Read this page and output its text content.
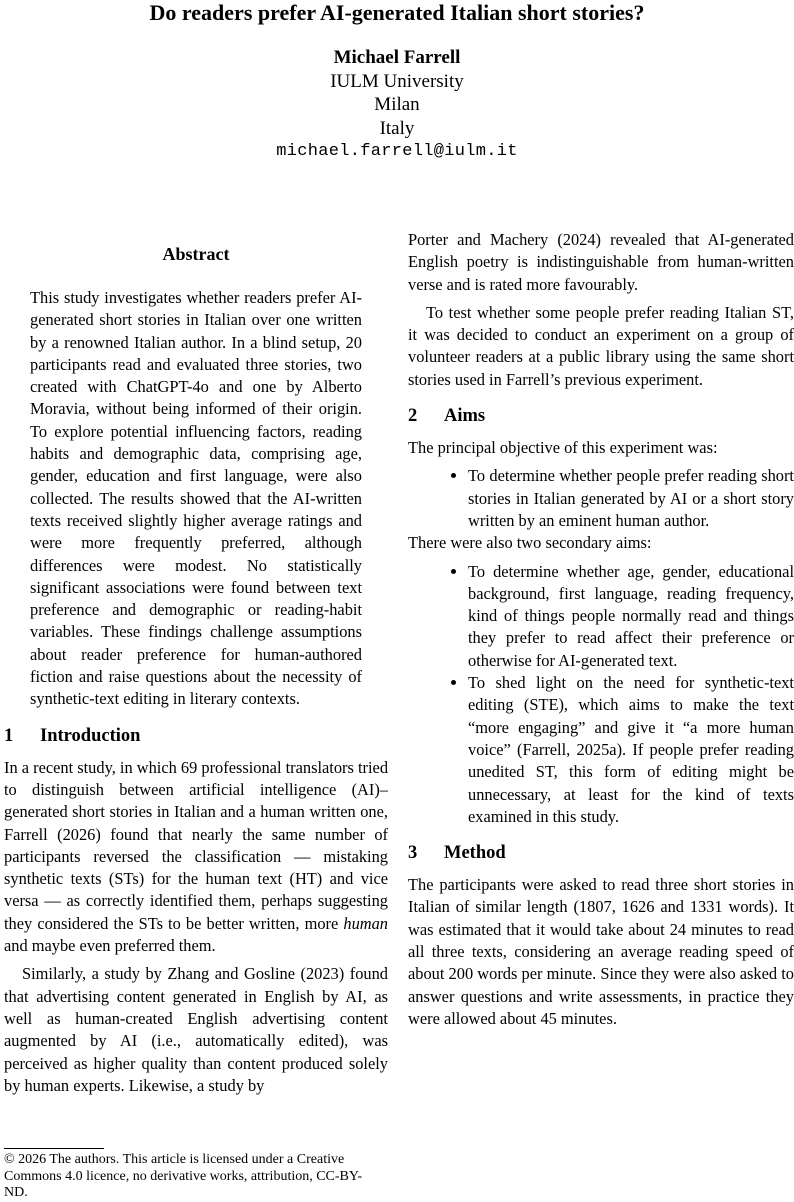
Do readers prefer AI-generated Italian short stories?
Michael Farrell
IULM University
Milan
Italy
michael.farrell@iulm.it
Abstract
This study investigates whether readers prefer AI-generated short stories in Italian over one written by a renowned Italian author. In a blind setup, 20 participants read and evaluated three stories, two created with ChatGPT-4o and one by Alberto Moravia, without being informed of their origin. To explore potential influencing factors, reading habits and demographic data, comprising age, gender, education and first language, were also collected. The results showed that the AI-written texts received slightly higher average ratings and were more frequently preferred, although differences were modest. No statistically significant associations were found between text preference and demographic or reading-habit variables. These findings challenge assumptions about reader preference for human-authored fiction and raise questions about the necessity of synthetic-text editing in literary contexts.
1 Introduction

In a recent study, in which 69 professional translators tried to distinguish between artificial intelligence (AI)–generated short stories in Italian and a human written one, Farrell (2026) found that nearly the same number of participants reversed the classification — mistaking synthetic texts (STs) for the human text (HT) and vice versa — as correctly identified them, perhaps suggesting they considered the STs to be better written, more human and maybe even preferred them.

Similarly, a study by Zhang and Gosline (2023) found that advertising content generated in English by AI, as well as human-created English advertising content augmented by AI (i.e., automatically edited), was perceived as higher quality than content produced solely by human experts. Likewise, a study by

Porter and Machery (2024) revealed that AI-generated English poetry is indistinguishable from human-written verse and is rated more favourably.

To test whether some people prefer reading Italian ST, it was decided to conduct an experiment on a group of volunteer readers at a public library using the same short stories used in Farrell’s previous experiment.

2 Aims

The principal objective of this experiment was:

• To determine whether people prefer reading short stories in Italian generated by AI or a short story written by an eminent human author.

There were also two secondary aims:

• To determine whether age, gender, educational background, first language, reading frequency, kind of things people normally read and things they prefer to read affect their preference or otherwise for AI-generated text.
• To shed light on the need for synthetic-text editing (STE), which aims to make the text “more engaging” and give it “a more human voice” (Farrell, 2025a). If people prefer reading unedited ST, this form of editing might be unnecessary, at least for the kind of texts examined in this study.
3 Method

The participants were asked to read three short stories in Italian of similar length (1807, 1626 and 1331 words). It was estimated that it would take about 24 minutes to read all three texts, considering an average reading speed of about 200 words per minute. Since they were also asked to answer questions and write assessments, in practice they were allowed about 45 minutes.

© 2026 The authors. This article is licensed under a Creative Commons 4.0 licence, no derivative works, attribution, CC-BY-ND.
